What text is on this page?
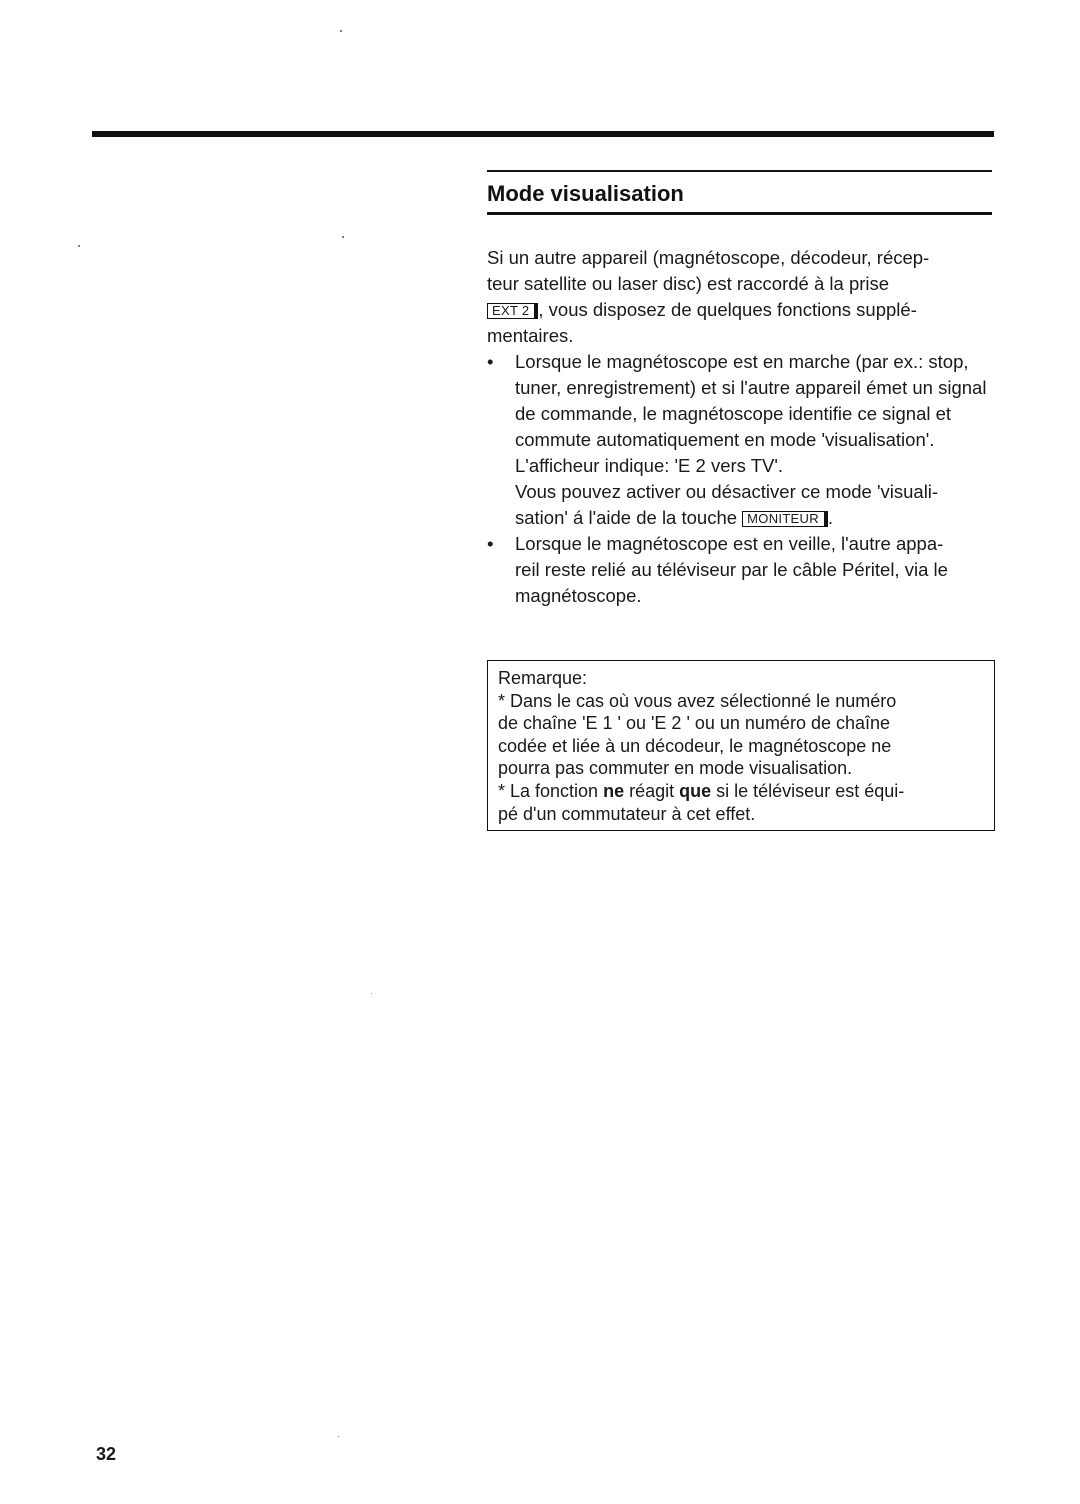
Mode visualisation

Si un autre appareil (magnétoscope, décodeur, récep-
teur satellite ou laser disc) est raccordé à la prise
EXT 2 , vous disposez de quelques fonctions supplé-
mentaires.

• Lorsque le magnétoscope est en marche (par ex.: stop, tuner, enregistrement) et si l'autre appareil émet un signal de commande, le magnétoscope identifie ce signal et commute automatiquement en mode 'visualisation'. L'afficheur indique: 'E 2 vers TV'.

Vous pouvez activer ou désactiver ce mode 'visuali-
sation' á l'aide de la touche MONITEUR .

• Lorsque le magnétoscope est en veille, l'autre appa-
reil reste relié au téléviseur par le câble Péritel, via le
magnétoscope.

Remarque:

* Dans le cas où vous avez sélectionné le numéro
de chaîne 'E 1 ' ou 'E 2 ' ou un numéro de chaîne
codée et liée à un décodeur, le magnétoscope ne
pourra pas commuter en mode visualisation.

* La fonction ne réagit que si le téléviseur est équi-
pé d'un commutateur à cet effet.

32
